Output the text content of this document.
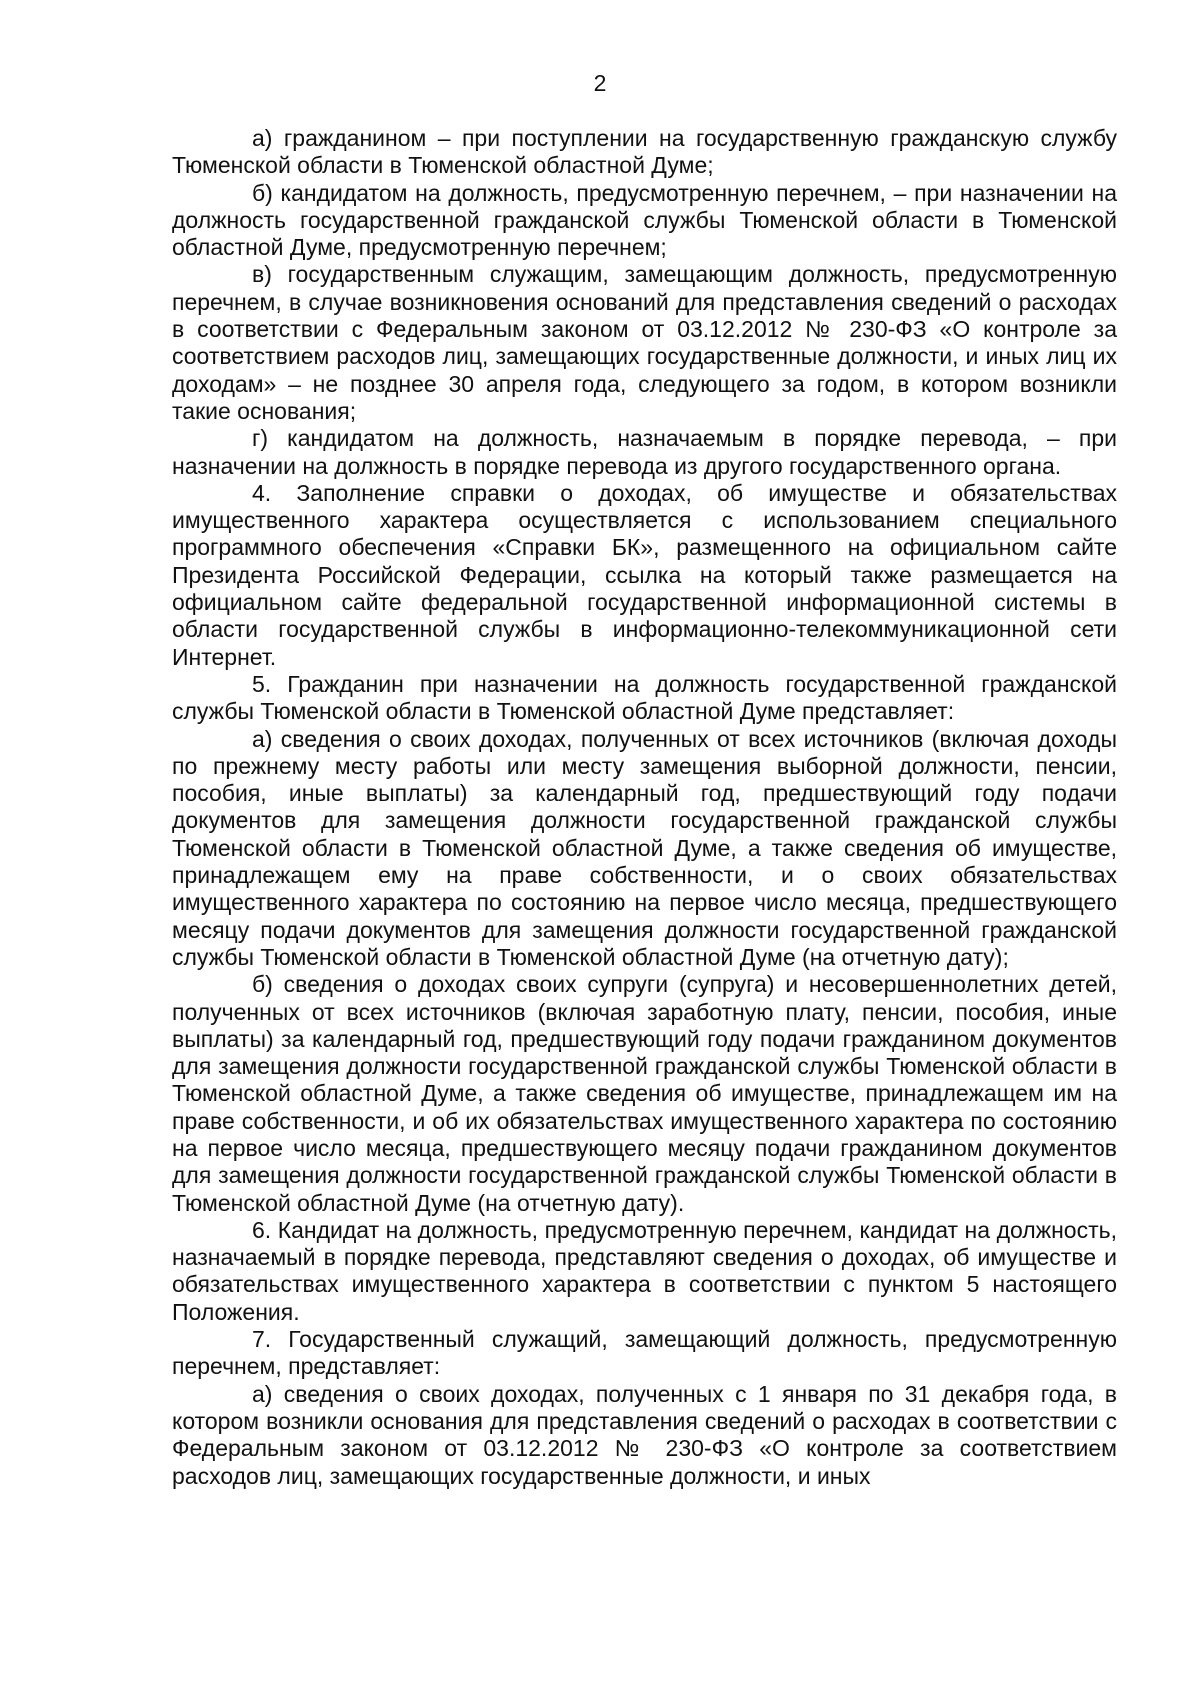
2

а) гражданином – при поступлении на государственную гражданскую службу Тюменской области в Тюменской областной Думе;

б) кандидатом на должность, предусмотренную перечнем, – при назначении на должность государственной гражданской службы Тюменской области в Тюменской областной Думе, предусмотренную перечнем;

в) государственным служащим, замещающим должность, предусмотренную перечнем, в случае возникновения оснований для представления сведений о расходах в соответствии с Федеральным законом от 03.12.2012 № 230-ФЗ «О контроле за соответствием расходов лиц, замещающих государственные должности, и иных лиц их доходам» – не позднее 30 апреля года, следующего за годом, в котором возникли такие основания;

г) кандидатом на должность, назначаемым в порядке перевода, – при назначении на должность в порядке перевода из другого государственного органа.

4. Заполнение справки о доходах, об имуществе и обязательствах имущественного характера осуществляется с использованием специального программного обеспечения «Справки БК», размещенного на официальном сайте Президента Российской Федерации, ссылка на который также размещается на официальном сайте федеральной государственной информационной системы в области государственной службы в информационно-телекоммуникационной сети Интернет.

5. Гражданин при назначении на должность государственной гражданской службы Тюменской области в Тюменской областной Думе представляет:

а) сведения о своих доходах, полученных от всех источников (включая доходы по прежнему месту работы или месту замещения выборной должности, пенсии, пособия, иные выплаты) за календарный год, предшествующий году подачи документов для замещения должности государственной гражданской службы Тюменской области в Тюменской областной Думе, а также сведения об имуществе, принадлежащем ему на праве собственности, и о своих обязательствах имущественного характера по состоянию на первое число месяца, предшествующего месяцу подачи документов для замещения должности государственной гражданской службы Тюменской области в Тюменской областной Думе (на отчетную дату);

б) сведения о доходах своих супруги (супруга) и несовершеннолетних детей, полученных от всех источников (включая заработную плату, пенсии, пособия, иные выплаты) за календарный год, предшествующий году подачи гражданином документов для замещения должности государственной гражданской службы Тюменской области в Тюменской областной Думе, а также сведения об имуществе, принадлежащем им на праве собственности, и об их обязательствах имущественного характера по состоянию на первое число месяца, предшествующего месяцу подачи гражданином документов для замещения должности государственной гражданской службы Тюменской области в Тюменской областной Думе (на отчетную дату).

6. Кандидат на должность, предусмотренную перечнем, кандидат на должность, назначаемый в порядке перевода, представляют сведения о доходах, об имуществе и обязательствах имущественного характера в соответствии с пунктом 5 настоящего Положения.

7. Государственный служащий, замещающий должность, предусмотренную перечнем, представляет:

а) сведения о своих доходах, полученных с 1 января по 31 декабря года, в котором возникли основания для представления сведений о расходах в соответствии с Федеральным законом от 03.12.2012 № 230-ФЗ «О контроле за соответствием расходов лиц, замещающих государственные должности, и иных
